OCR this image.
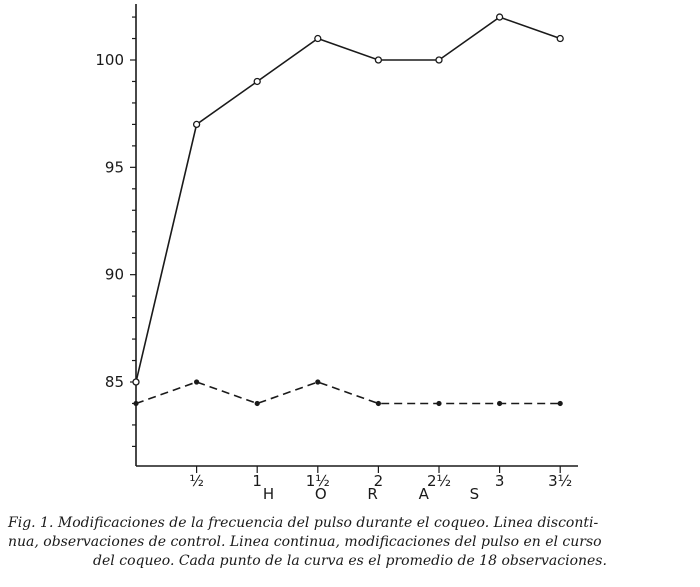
85
90
95
100
½	1	1½	2	2½	3	3½
H O R A S

Fig. 1. Modificaciones de la frecuencia del pulso durante el coqueo. Linea disconti-
nua, observaciones de control. Linea continua, modificaciones del pulso en el curso
del coqueo. Cada punto de la curva es el promedio de 18 observaciones.
